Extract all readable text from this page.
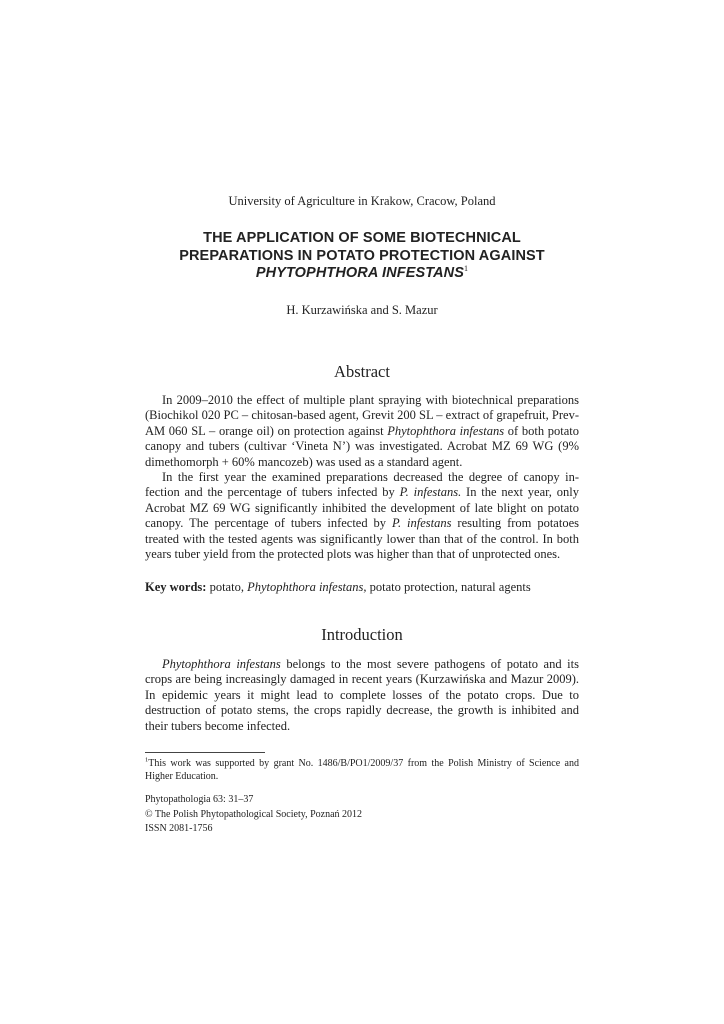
University of Agriculture in Krakow, Cracow, Poland
THE APPLICATION OF SOME BIOTECHNICAL
PREPARATIONS IN POTATO PROTECTION AGAINST
PHYTOPHTHORA INFESTANS$^1$
H. Kurzawińska and S. Mazur
Abstract

In 2009–2010 the effect of multiple plant spraying with biotechnical preparations (Biochikol 020 PC – chitosan-based agent, Grevit 200 SL – extract of grapefruit, Prev-AM 060 SL – orange oil) on protection against Phytophthora infestans of both potato canopy and tubers (cultivar ‘Vineta N’) was investigated. Acrobat MZ 69 WG (9% dimethomorph + 60% mancozeb) was used as a standard agent.

In the first year the examined preparations decreased the degree of canopy infection and the percentage of tubers infected by P. infestans. In the next year, only Acrobat MZ 69 WG significantly inhibited the development of late blight on potato canopy. The percentage of tubers infected by P. infestans resulting from potatoes treated with the tested agents was significantly lower than that of the control. In both years tuber yield from the protected plots was higher than that of unprotected ones.

Key words: potato, Phytophthora infestans, potato protection, natural agents
Introduction

Phytophthora infestans belongs to the most severe pathogens of potato and its crops are being increasingly damaged in recent years (Kurzawińska and Mazur 2009). In epidemic years it might lead to complete losses of the potato crops. Due to destruction of potato stems, the crops rapidly decrease, the growth is inhibited and their tubers become infected.

$^1$This work was supported by grant No. 1486/B/PO1/2009/37 from the Polish Ministry of Science and Higher Education.
Phytopathologia 63: 31–37
© The Polish Phytopathological Society, Poznań 2012
ISSN 2081-1756
